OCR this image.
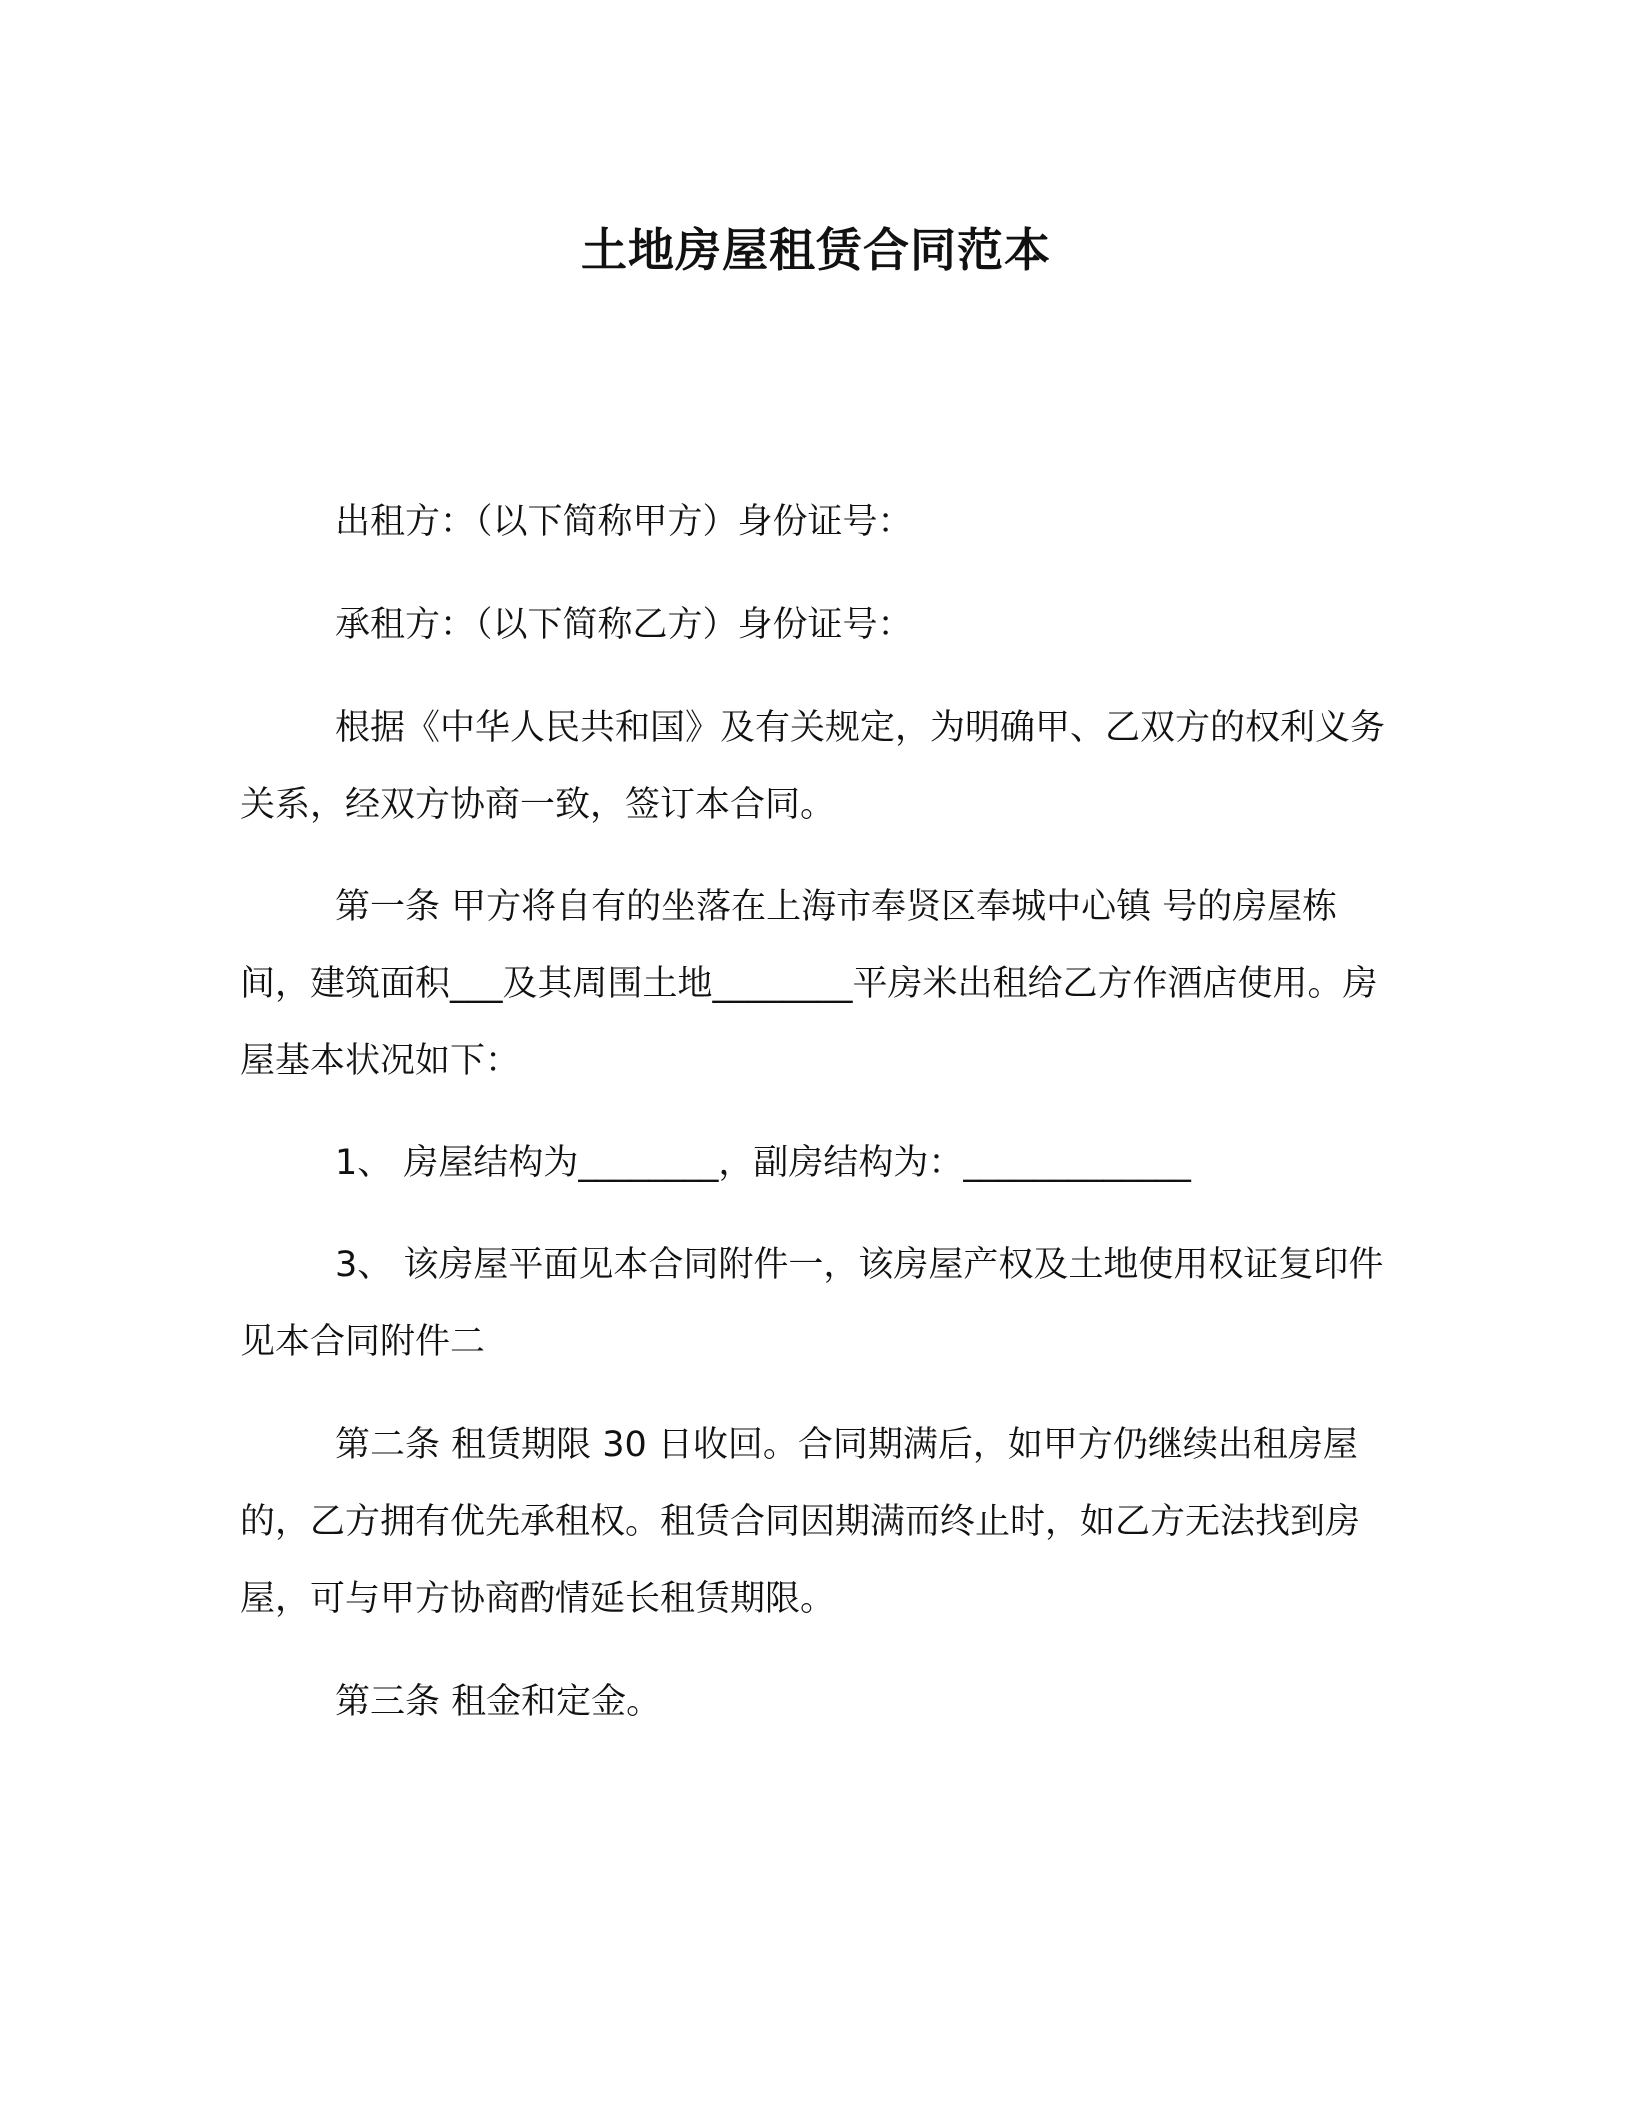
土地房屋租赁合同范本

出租方：（以下简称甲方）身份证号：

承租方：（以下简称乙方）身份证号：

根据《中华人民共和国》及有关规定，为明确甲、乙双方的权利义务关系，经双方协商一致，签订本合同。

第一条 甲方将自有的坐落在上海市奉贤区奉城中心镇 号的房屋栋 间，建筑面积___及其周围土地________平房米出租给乙方作酒店使用。房屋基本状况如下：

1、 房屋结构为________，副房结构为：_____________

3、 该房屋平面见本合同附件一，该房屋产权及土地使用权证复印件见本合同附件二

第二条 租赁期限 30 日收回。合同期满后，如甲方仍继续出租房屋的，乙方拥有优先承租权。租赁合同因期满而终止时，如乙方无法找到房屋，可与甲方协商酌情延长租赁期限。

第三条 租金和定金。
